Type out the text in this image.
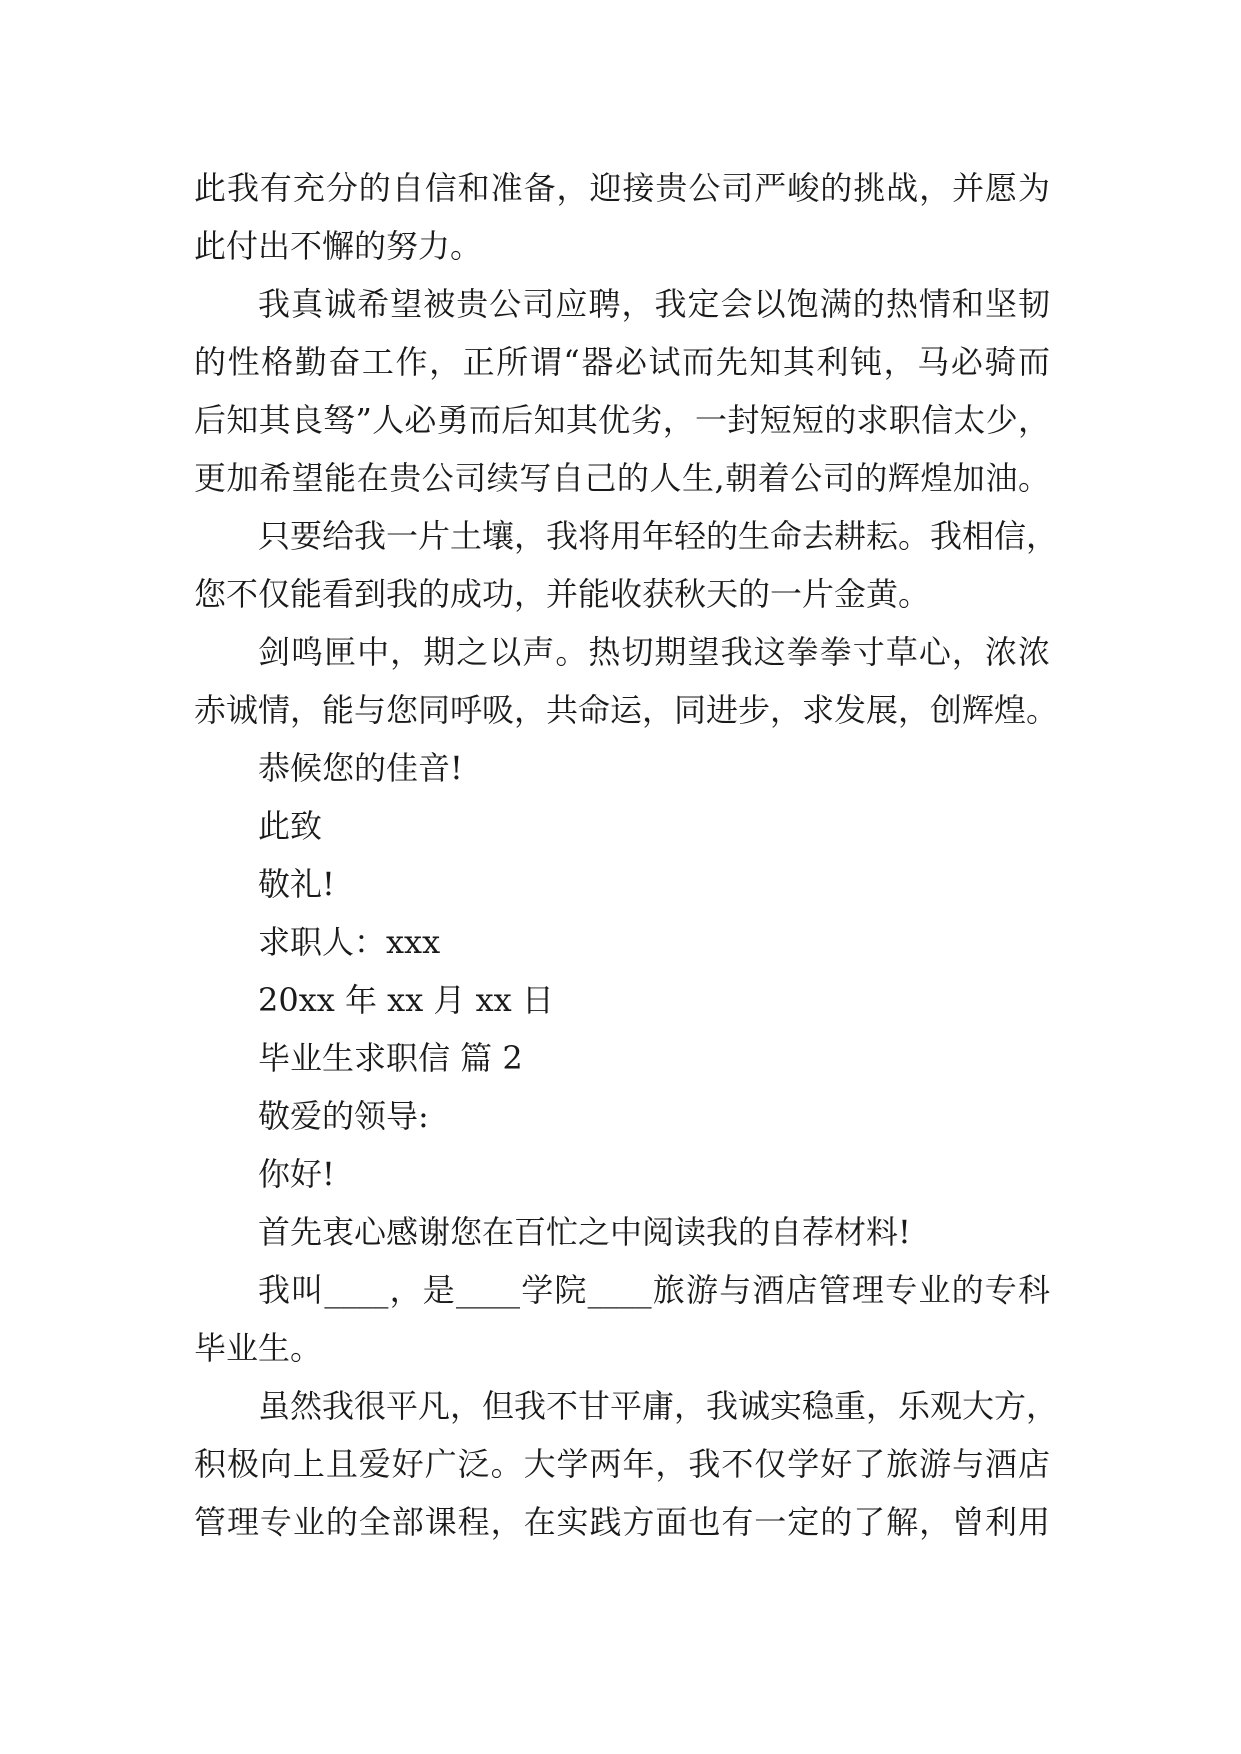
此我有充分的自信和准备，迎接贵公司严峻的挑战，并愿为
此付出不懈的努力。
我真诚希望被贵公司应聘，我定会以饱满的热情和坚韧
的性格勤奋工作，正所谓“器必试而先知其利钝，马必骑而
后知其良驽”人必勇而后知其优劣，一封短短的求职信太少，
更加希望能在贵公司续写自己的人生,朝着公司的辉煌加油。
只要给我一片土壤，我将用年轻的生命去耕耘。我相信，
您不仅能看到我的成功，并能收获秋天的一片金黄。
剑鸣匣中，期之以声。热切期望我这拳拳寸草心，浓浓
赤诚情，能与您同呼吸，共命运，同进步，求发展，创辉煌。
恭候您的佳音!
此致
敬礼!
求职人：xxx
20xx 年 xx 月 xx 日
毕业生求职信 篇 2
敬爱的领导:
你好!
首先衷心感谢您在百忙之中阅读我的自荐材料!
我叫____，是____学院____旅游与酒店管理专业的专科
毕业生。
虽然我很平凡，但我不甘平庸，我诚实稳重，乐观大方，
积极向上且爱好广泛。大学两年，我不仅学好了旅游与酒店
管理专业的全部课程，在实践方面也有一定的了解，曾利用
